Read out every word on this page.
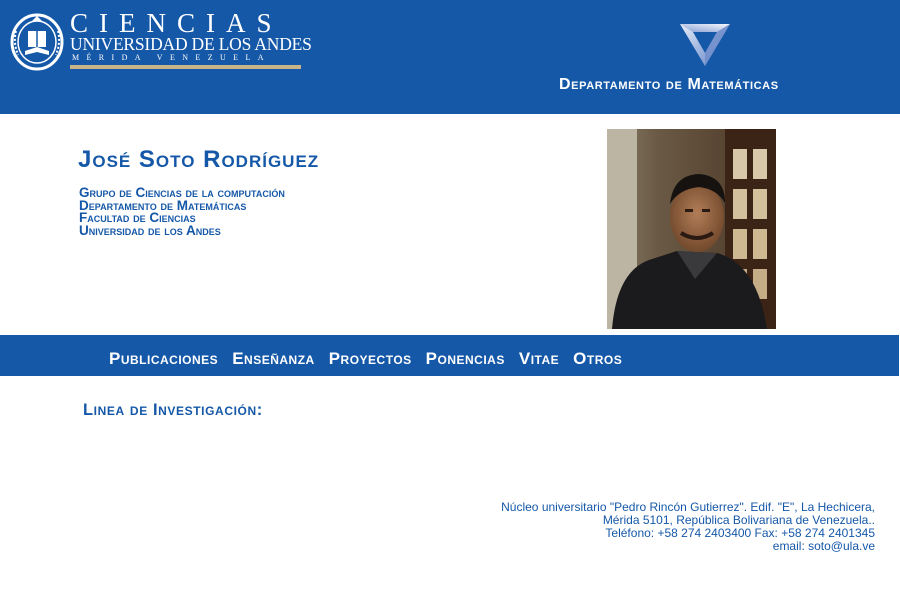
CIENCIAS
UNIVERSIDAD DE LOS ANDES
MÉRIDA VENEZUELA
Departamento de Matemáticas
José Soto Rodríguez
Grupo de Ciencias de la computación
Departamento de Matemáticas
Facultad de Ciencias
Universidad de los Andes
Publicaciones Enseñanza Proyectos Ponencias Vitae Otros
Linea de Investigación:
Núcleo universitario "Pedro Rincón Gutierrez". Edif. "E", La Hechicera,
Mérida 5101, República Bolivariana de Venezuela..
Teléfono: +58 274 2403400 Fax: +58 274 2401345
email: soto@ula.ve
